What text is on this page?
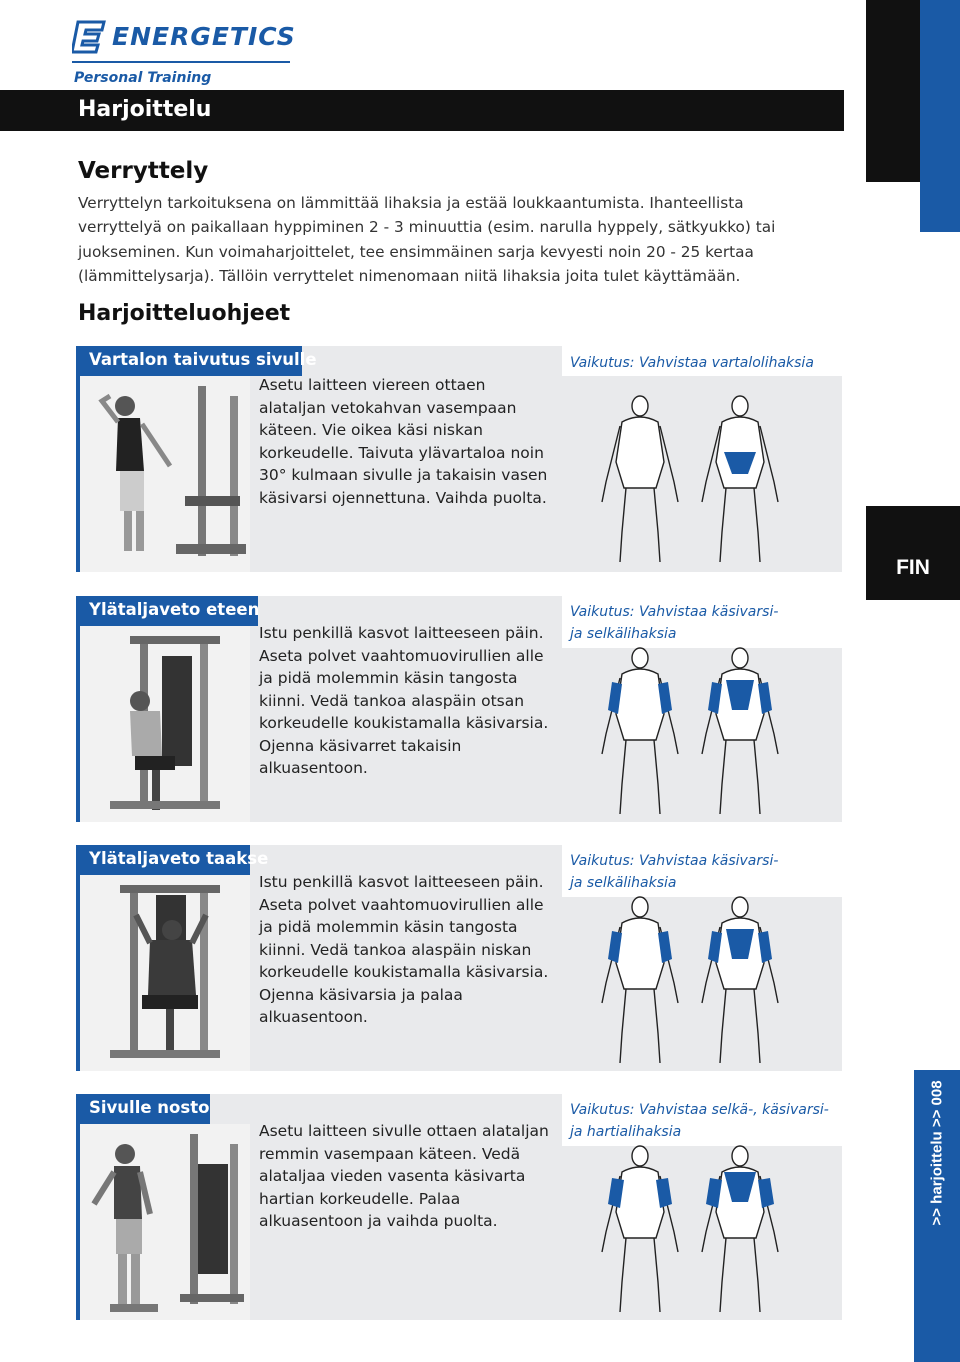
ENERGETICS
Personal Training
FIN
Harjoittelu
Verryttely
Verryttelyn tarkoituksena on lämmittää lihaksia ja estää loukkaantumista. Ihanteellista verryttelyä on paikallaan hyppiminen 2 - 3 minuuttia (esim. narulla hyppely, sätkyukko) tai juokseminen. Kun voimaharjoittelet, tee ensimmäinen sarja kevyesti noin 20 - 25 kertaa (lämmittelysarja). Tällöin verryttelet nimenomaan niitä lihaksia joita tulet käyttämään.
Harjoitteluohjeet
Vartalon taivutus sivulle
Asetu laitteen viereen ottaen alataljan vetokahvan vasempaan käteen. Vie oikea käsi niskan korkeudelle. Taivuta ylävartaloa noin 30° kulmaan sivulle ja takaisin vasen käsivarsi ojennettuna. Vaihda puolta.
Vaikutus: Vahvistaa vartalolihaksia
Ylätaljaveto eteen
Istu penkillä kasvot laitteeseen päin. Aseta polvet vaahtomuovirullien alle ja pidä molemmin käsin tangosta kiinni. Vedä tankoa alaspäin otsan korkeudelle koukistamalla käsivarsia. Ojenna käsivarret takaisin alkuasentoon.
Vaikutus: Vahvistaa käsivarsi-
ja selkälihaksia
Ylätaljaveto taakse
Istu penkillä kasvot laitteeseen päin. Aseta polvet vaahtomuovirullien alle ja pidä molemmin käsin tangosta kiinni. Vedä tankoa alaspäin niskan korkeudelle koukistamalla käsivarsia. Ojenna käsivarsia ja palaa alkuasentoon.
Vaikutus: Vahvistaa käsivarsi-
ja selkälihaksia
Sivulle nosto
Asetu laitteen sivulle ottaen alataljan remmin vasempaan käteen. Vedä alataljaa vieden vasenta käsivarta hartian korkeudelle. Palaa alkuasentoon ja vaihda puolta.
Vaikutus: Vahvistaa selkä-, käsivarsi-
ja hartialihaksia
